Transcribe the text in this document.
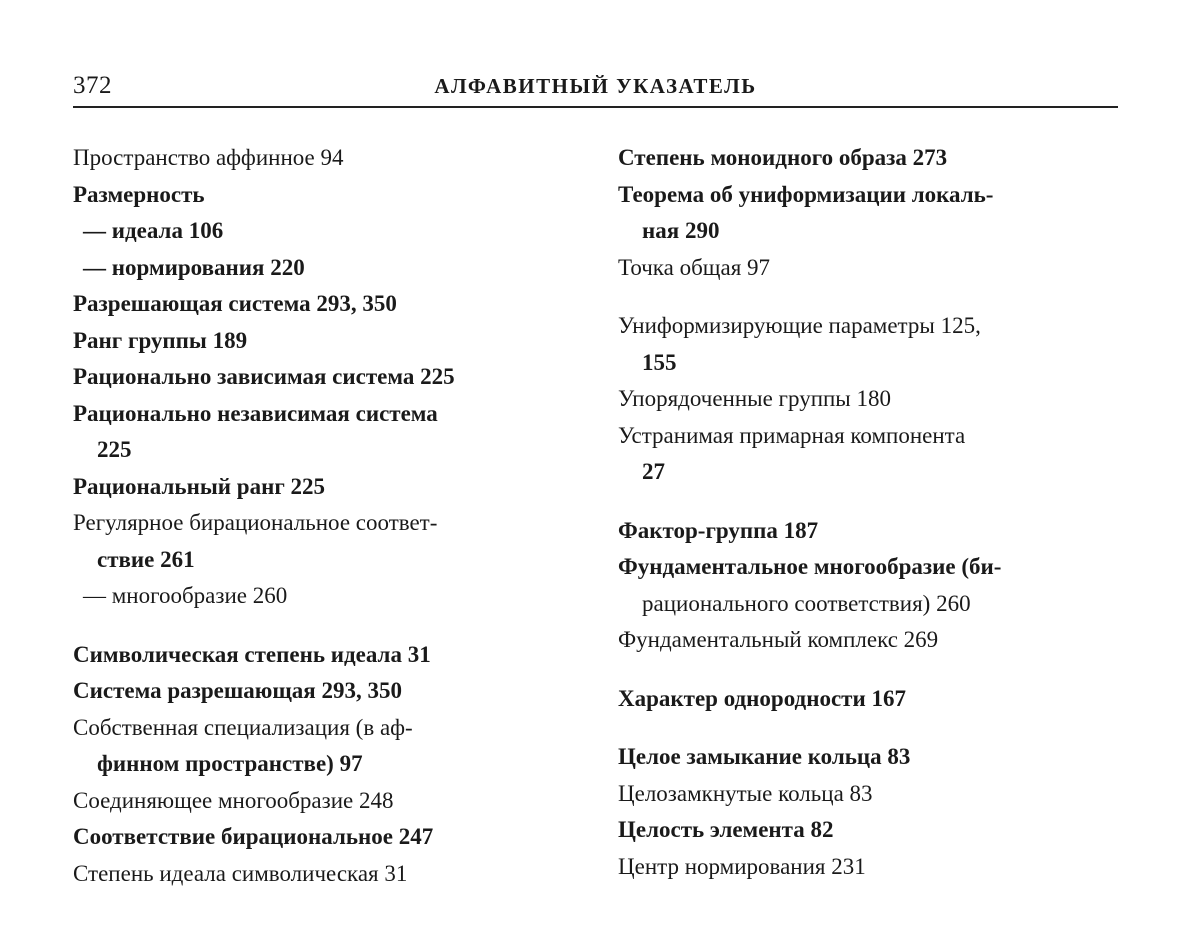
372	АЛФАВИТНЫЙ УКАЗАТЕЛЬ
Пространство аффинное 94
Размерность
— идеала 106
— нормирования 220
Разрешающая система 293, 350
Ранг группы 189
Рационально зависимая система 225
Рационально независимая система
225
Рациональный ранг 225
Регулярное бирациональное соответ-
ствие 261
— многообразие 260
Символическая степень идеала 31
Система разрешающая 293, 350
Собственная специализация (в аф-
финном пространстве) 97
Соединяющее многообразие 248
Соответствие бирациональное 247
Степень идеала символическая 31
Степень моноидного образа 273
Теорема об униформизации локаль-
ная 290
Точка общая 97
Униформизирующие параметры 125,
155
Упорядоченные группы 180
Устранимая примарная компонента
27
Фактор-группа 187
Фундаментальное многообразие (би-
рационального соответствия) 260
Фундаментальный комплекс 269
Характер однородности 167
Целое замыкание кольца 83
Целозамкнутые кольца 83
Целость элемента 82
Центр нормирования 231
